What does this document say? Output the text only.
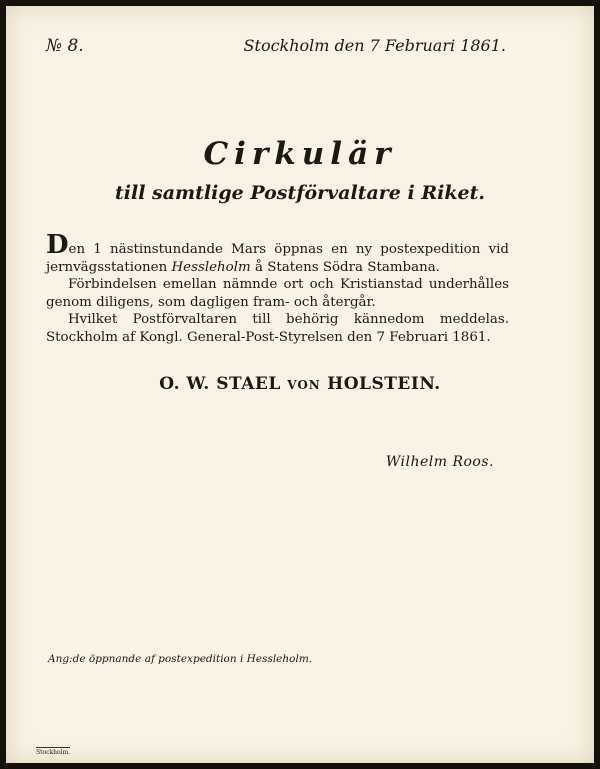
№ 8.	Stockholm den 7 Februari 1861.
Cirkulär
till samtlige Postförvaltare i Riket.

Den 1 nästinstundande Mars öppnas en ny postexpedition vid jernvägsstationen Hessleholm å Statens Södra Stambana.

Förbindelsen emellan nämnde ort och Kristianstad underhålles genom diligens, som dagligen fram- och återgår.

Hvilket Postförvaltaren till behörig kännedom meddelas. Stockholm af Kongl. General-Post-Styrelsen den 7 Februari 1861.

O. W. STAEL VON HOLSTEIN.
Wilhelm Roos.
Ang:de öppnande af postexpedition i Hessleholm.
Stockholm.
